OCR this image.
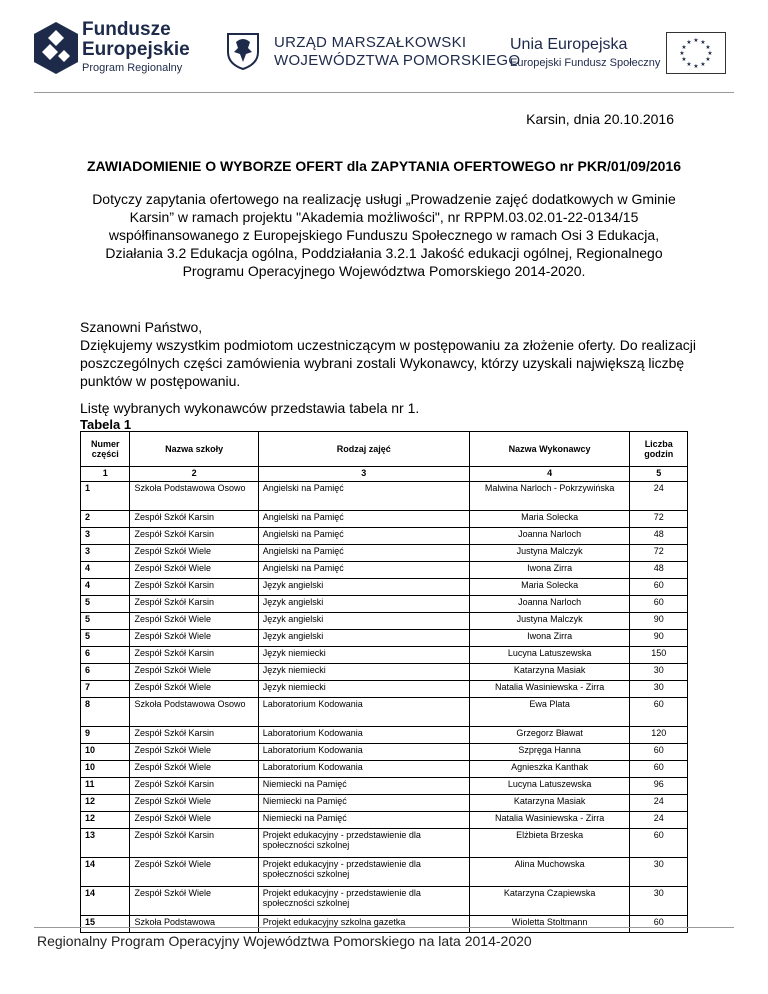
Fundusze
Europejskie
Program Regionalny
URZĄD MARSZAŁKOWSKI
WOJEWÓDZTWA POMORSKIEGO
Unia Europejska
Europejski Fundusz Społeczny
★ ★
★
★
★
★
★
★
★
★
★
★
Karsin, dnia 20.10.2016
ZAWIADOMIENIE O WYBORZE OFERT dla ZAPYTANIA OFERTOWEGO nr PKR/01/09/2016
Dotyczy zapytania ofertowego na realizację usługi „Prowadzenie zajęć dodatkowych w Gminie Karsin” w ramach projektu "Akademia możliwości", nr RPPM.03.02.01-22-0134/15 współfinansowanego z Europejskiego Funduszu Społecznego w ramach Osi 3 Edukacja, Działania 3.2 Edukacja ogólna, Poddziałania 3.2.1 Jakość edukacji ogólnej, Regionalnego Programu Operacyjnego Województwa Pomorskiego 2014-2020.
Szanowni Państwo,
Dziękujemy wszystkim podmiotom uczestniczącym w postępowaniu za złożenie oferty. Do realizacji poszczególnych części zamówienia wybrani zostali Wykonawcy, którzy uzyskali największą liczbę punktów w postępowaniu.
Listę wybranych wykonawców przedstawia tabela nr 1.
Tabela 1
Numer części	Nazwa szkoły	Rodzaj zajęć	Nazwa Wykonawcy	Liczba godzin
1	2	3	4	5
1	Szkoła Podstawowa Osowo	Angielski na Pamięć	Malwina Narloch - Pokrzywińska	24
2	Zespół Szkół Karsin	Angielski na Pamięć	Maria Solecka	72
3	Zespół Szkół Karsin	Angielski na Pamięć	Joanna Narloch	48
3	Zespół Szkół Wiele	Angielski na Pamięć	Justyna Malczyk	72
4	Zespół Szkół Wiele	Angielski na Pamięć	Iwona Zirra	48
4	Zespół Szkół Karsin	Język angielski	Maria Solecka	60
5	Zespół Szkół Karsin	Język angielski	Joanna Narloch	60
5	Zespół Szkół Wiele	Język angielski	Justyna Malczyk	90
5	Zespół Szkół Wiele	Język angielski	Iwona Zirra	90
6	Zespół Szkół Karsin	Język niemiecki	Lucyna Latuszewska	150
6	Zespół Szkół Wiele	Język niemiecki	Katarzyna Masiak	30
7	Zespół Szkół Wiele	Język niemiecki	Natalia Wasiniewska - Zirra	30
8	Szkoła Podstawowa Osowo	Laboratorium Kodowania	Ewa Plata	60
9	Zespół Szkół Karsin	Laboratorium Kodowania	Grzegorz Bławat	120
10	Zespół Szkół Wiele	Laboratorium Kodowania	Szpręga Hanna	60
10	Zespół Szkół Wiele	Laboratorium Kodowania	Agnieszka Kanthak	60
11	Zespół Szkół Karsin	Niemiecki na Pamięć	Lucyna Latuszewska	96
12	Zespół Szkół Wiele	Niemiecki na Pamięć	Katarzyna Masiak	24
12	Zespół Szkół Wiele	Niemiecki na Pamięć	Natalia Wasiniewska - Zirra	24
13	Zespół Szkół Karsin	Projekt edukacyjny - przedstawienie dla społeczności szkolnej	Elżbieta Brzeska	60
14	Zespół Szkół Wiele	Projekt edukacyjny - przedstawienie dla społeczności szkolnej	Alina Muchowska	30
14	Zespół Szkół Wiele	Projekt edukacyjny - przedstawienie dla społeczności szkolnej	Katarzyna Czapiewska	30
15	Szkoła Podstawowa	Projekt edukacyjny szkolna gazetka	Wioletta Stoltmann	60
Regionalny Program Operacyjny Województwa Pomorskiego na lata 2014-2020
